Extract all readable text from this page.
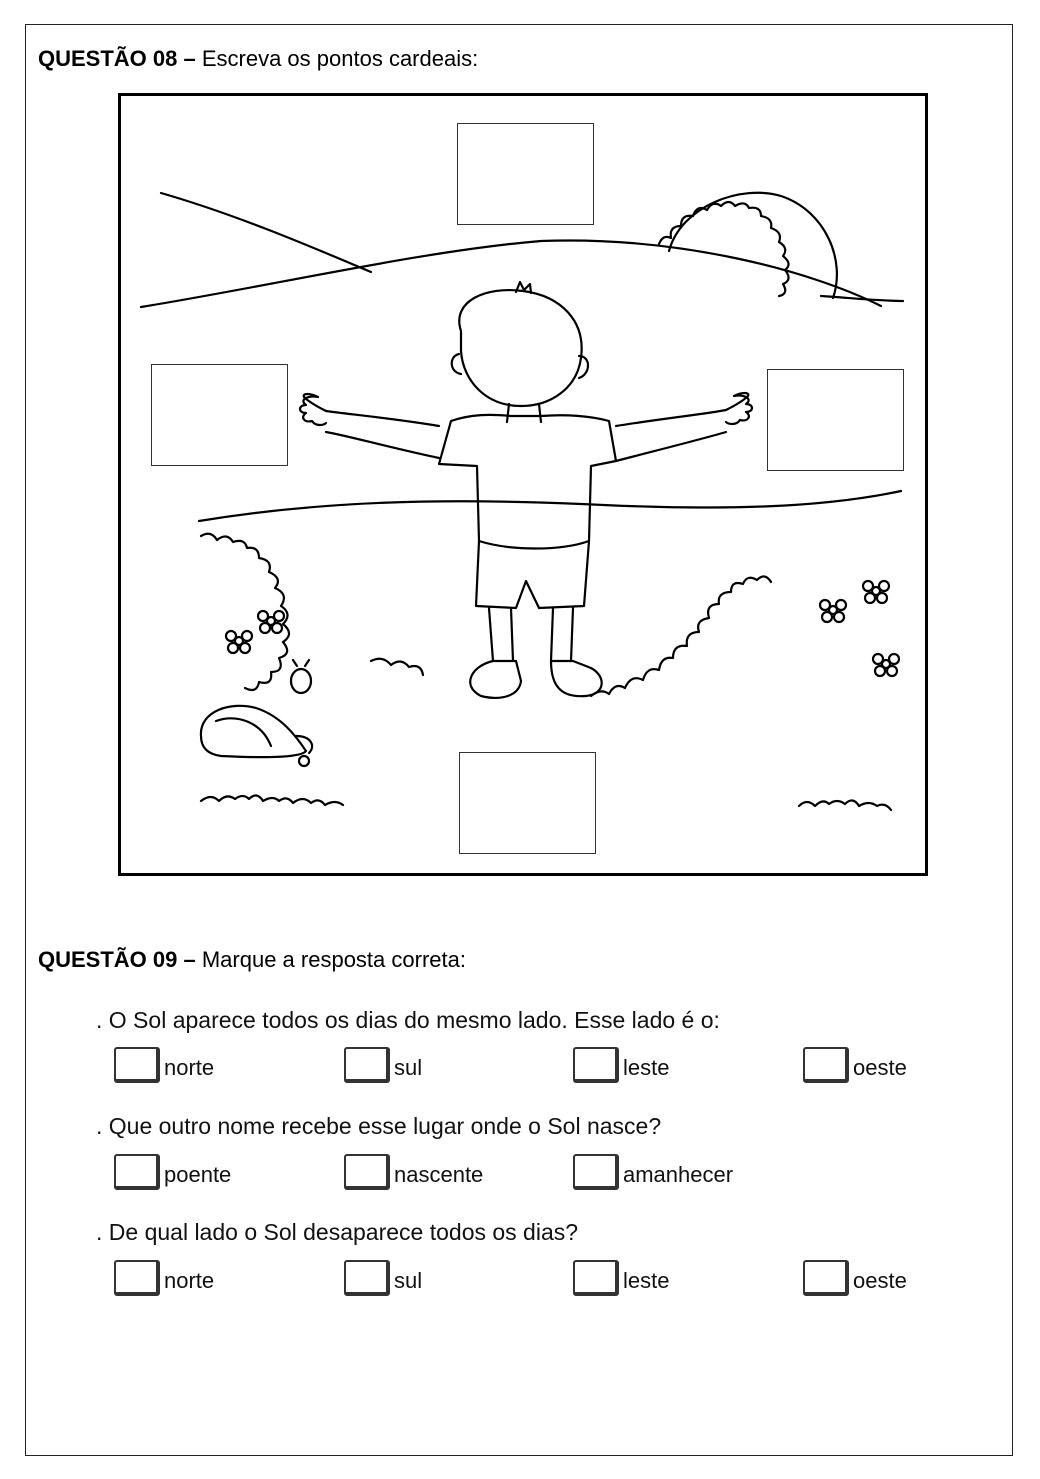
QUESTÃO 08 – Escreva os pontos cardeais:
QUESTÃO 09 – Marque a resposta correta:
. O Sol aparece todos os dias do mesmo lado. Esse lado é o:
norte	sul	leste	oeste
. Que outro nome recebe esse lugar onde o Sol nasce?
poente	nascente	amanhecer
. De qual lado o Sol desaparece todos os dias?
norte	sul	leste	oeste
